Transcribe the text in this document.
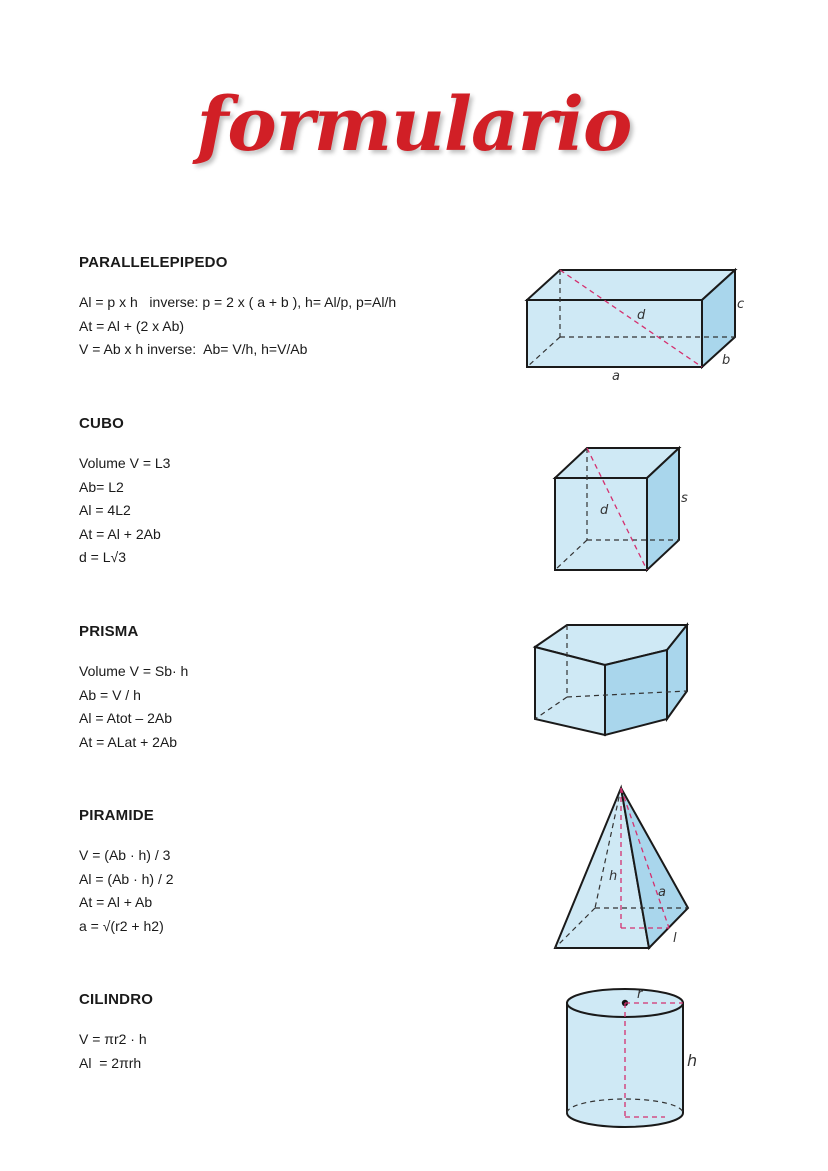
formulario
PARALLELEPIPEDO
Al = p x h   inverse: p = 2 x ( a + b ), h= Al/p, p=Al/h
At = Al + (2 x Ab)
V = Ab x h inverse:  Ab= V/h, h=V/Ab
d
a
b
c
CUBO
Volume V = L3
Ab= L2
Al = 4L2
At = Al + 2Ab
d = L√3
d
s
PRISMA
Volume V = Sb· h
Ab = V / h
Al = Atot – 2Ab
At = ALat + 2Ab
PIRAMIDE
V = (Ab · h) / 3
Al = (Ab · h) / 2
At = Al + Ab
a = √(r2 + h2)
h
a
l
CILINDRO
V = πr2 · h
Al  = 2πrh
r
h
